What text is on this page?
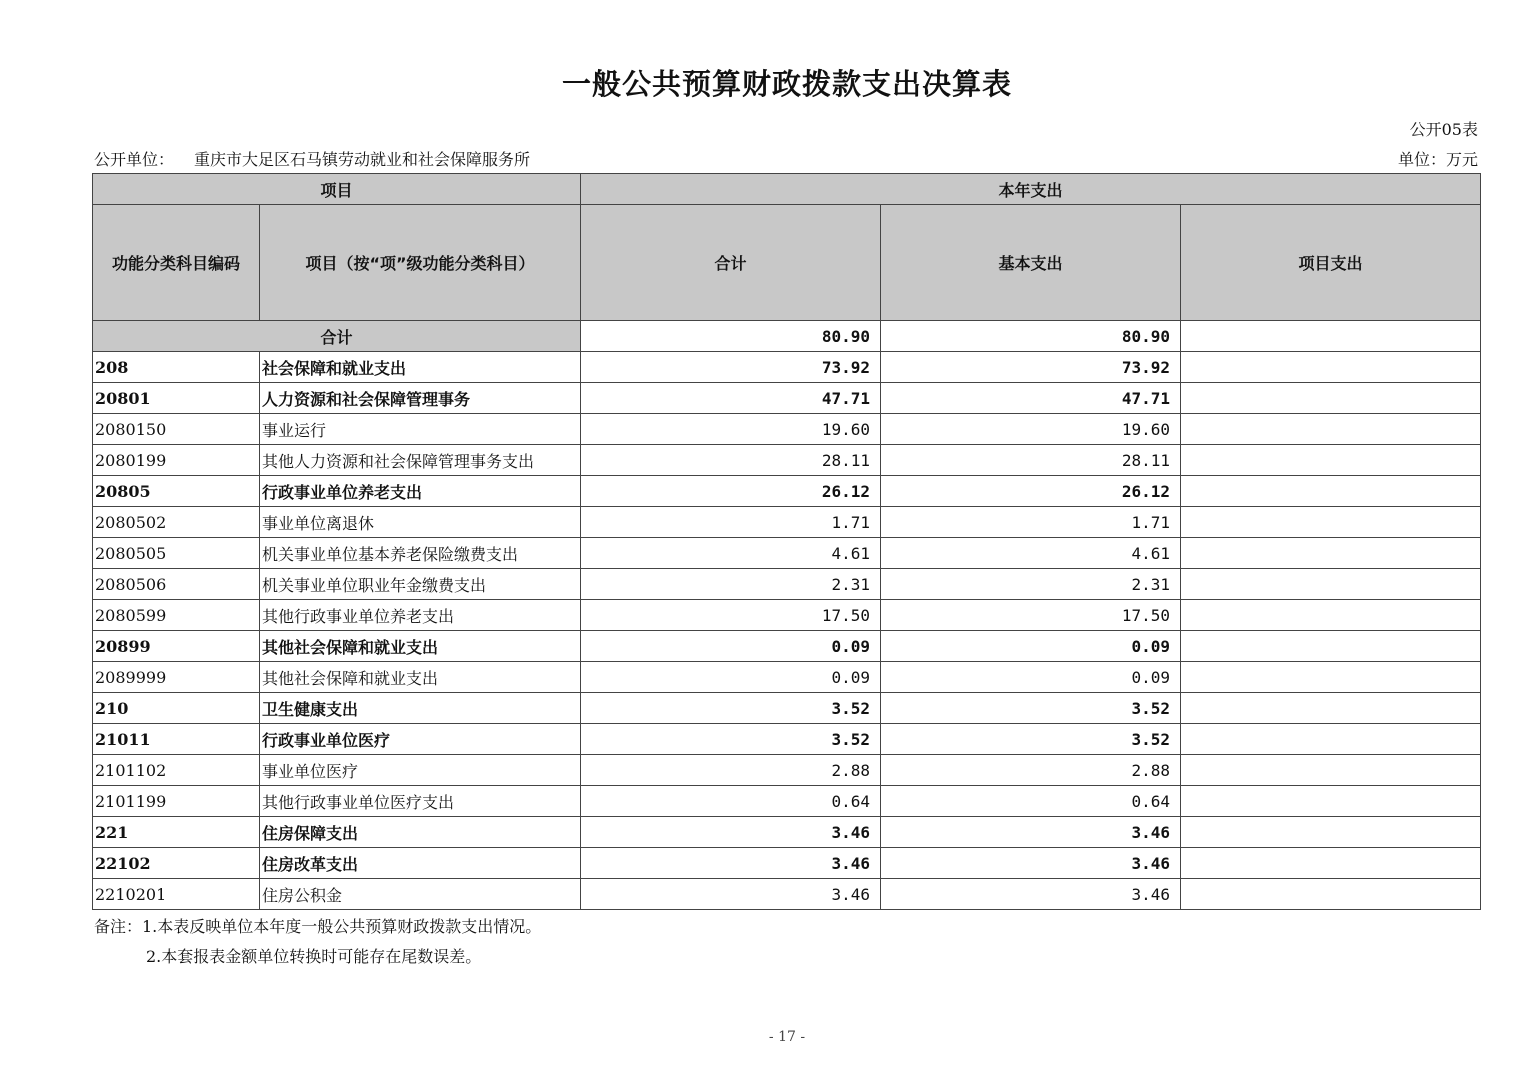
一般公共预算财政拨款支出决算表
公开05表
公开单位： 重庆市大足区石马镇劳动就业和社会保障服务所	单位：万元
项目		本年支出		
功能分类科目编码	项目（按“项”级功能分类科目）	合计	基本支出	项目支出
合计		80.90	80.90	
208	社会保障和就业支出	73.92	73.92	
20801	人力资源和社会保障管理事务	47.71	47.71	
2080150	事业运行	19.60	19.60	
2080199	其他人力资源和社会保障管理事务支出	28.11	28.11	
20805	行政事业单位养老支出	26.12	26.12	
2080502	事业单位离退休	1.71	1.71	
2080505	机关事业单位基本养老保险缴费支出	4.61	4.61	
2080506	机关事业单位职业年金缴费支出	2.31	2.31	
2080599	其他行政事业单位养老支出	17.50	17.50	
20899	其他社会保障和就业支出	0.09	0.09	
2089999	其他社会保障和就业支出	0.09	0.09	
210	卫生健康支出	3.52	3.52	
21011	行政事业单位医疗	3.52	3.52	
2101102	事业单位医疗	2.88	2.88	
2101199	其他行政事业单位医疗支出	0.64	0.64	
221	住房保障支出	3.46	3.46	
22102	住房改革支出	3.46	3.46	
2210201	住房公积金	3.46	3.46	
备注：1.本表反映单位本年度一般公共预算财政拨款支出情况。
2.本套报表金额单位转换时可能存在尾数误差。
- 17 -
